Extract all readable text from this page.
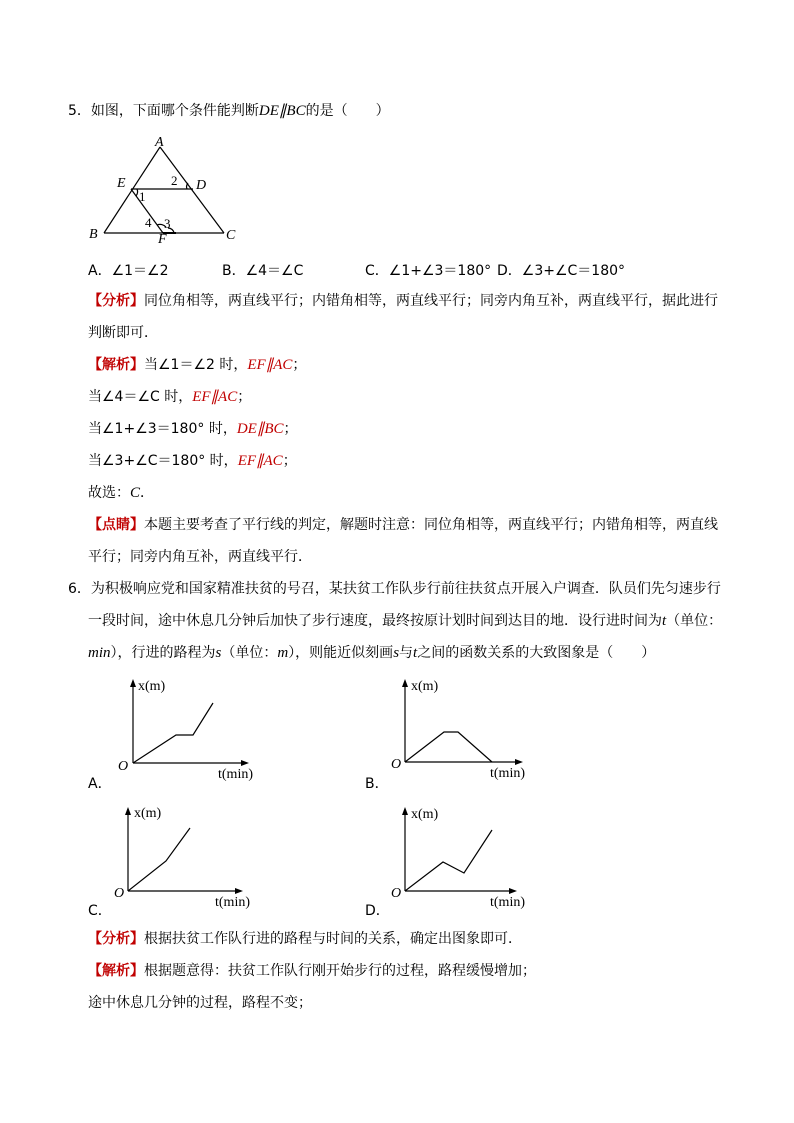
5．如图，下面哪个条件能判断DE∥BC的是（　　）
A
E	D
B	C
F
2
1
4 3
A．∠1＝∠2	B．∠4＝∠C	C．∠1+∠3＝180° D．∠3+∠C＝180°
【分析】同位角相等，两直线平行；内错角相等，两直线平行；同旁内角互补，两直线平行，据此进行
判断即可．
【解析】当∠1＝∠2 时，EF∥AC；
当∠4＝∠C 时，EF∥AC；
当∠1+∠3＝180° 时，DE∥BC；
当∠3+∠C＝180° 时，EF∥AC；
故选：C．
【点睛】本题主要考查了平行线的判定，解题时注意：同位角相等，两直线平行；内错角相等，两直线
平行；同旁内角互补，两直线平行．
6．为积极响应党和国家精准扶贫的号召，某扶贫工作队步行前往扶贫点开展入户调查．队员们先匀速步行
一段时间，途中休息几分钟后加快了步行速度，最终按原计划时间到达目的地．设行进时间为t（单位：
min），行进的路程为s（单位：m），则能近似刻画s与t之间的函数关系的大致图象是（　　）
x(m)
t(min)
O
A．
x(m)
t(min)
O
B．
x(m)
t(min)
O
C．
x(m)
t(min)
O
D．
【分析】根据扶贫工作队行进的路程与时间的关系，确定出图象即可．
【解析】根据题意得：扶贫工作队行刚开始步行的过程，路程缓慢增加；
途中休息几分钟的过程，路程不变；
